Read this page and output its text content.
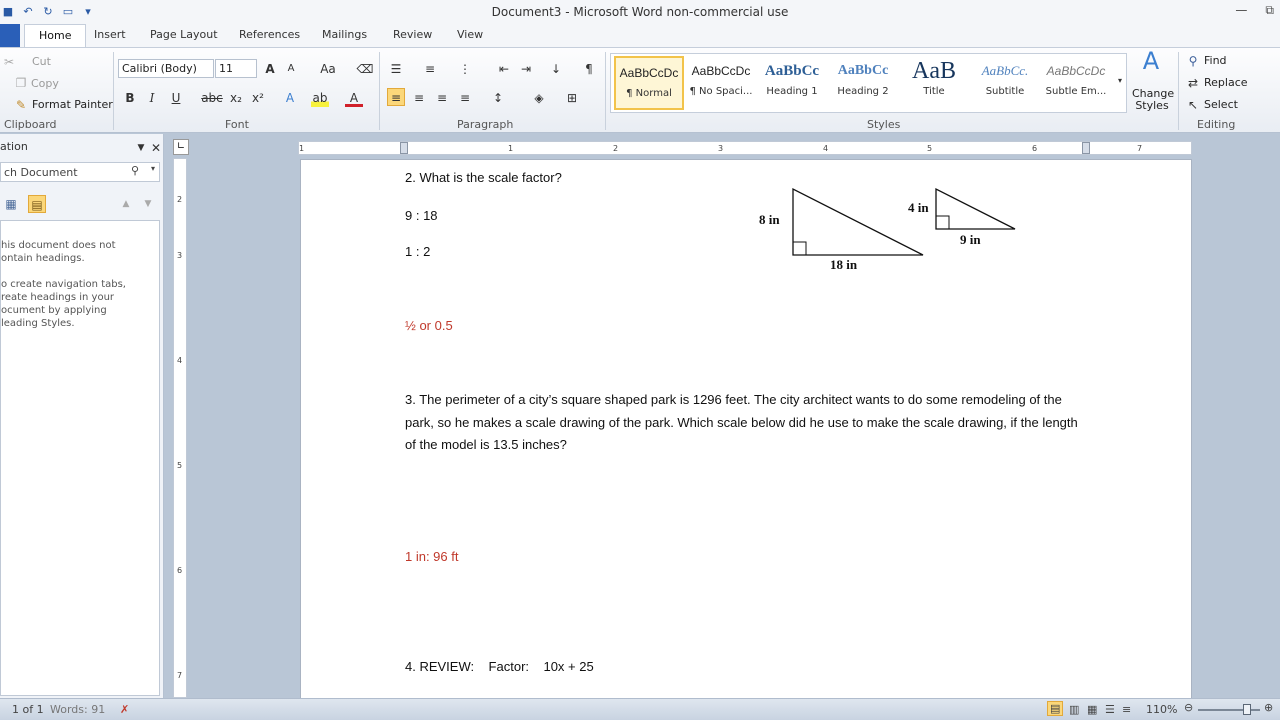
■ ↶ ↻ ▭	▾	Document3 - Microsoft Word non-commercial use	— ⧉
Home	Insert Page Layout References Mailings Review View
✂	Cut
❐ Copy
✎ Format Painter
Clipboard
Calibri (Body)	11	A	A	Aa	⌫
B	I	U	abc x₂ x²	A	ab	A
Font
☰	≡	⋮	⇤ ⇥	↓	¶
≡	≡	≡	≡	↕	◈	⊞
Paragraph
AaBbCcDc
¶ Normal
AaBbCcDc
¶ No Spaci...
AaBbCc
Heading 1
AaBbCc
Heading 2
AaB
Title
AaBbCc.
Subtitle
AaBbCcDc
Subtle Em...
▾
A
Change Styles
Styles
⚲ Find
⇄ Replace
↖ Select
Editing
ation	▼ ✕
ch Document	⚲ ▾
▦ ▤	▲	▼
his document does not
ontain headings.
o create navigation tabs,
reate headings in your
ocument by applying
leading Styles.
∟	1	1	2	3	4	5	6	7
2
3
4
5
6
7
2. What is the scale factor?
9 : 18
1 : 2
½ or 0.5
8 in
18 in
4 in
9 in
3. The perimeter of a city’s square shaped park is 1296 feet. The city architect wants to do some remodeling of the park, so he makes a scale drawing of the park. Which scale below did he use to make the scale drawing, if the length of the model is 13.5 inches?
1 in: 96 ft
4. REVIEW:    Factor:    10x + 25
1 of 1 Words: 91 ✗	▤ ▥ ▦ ☰ ≡ 110% ⊖	⊕
